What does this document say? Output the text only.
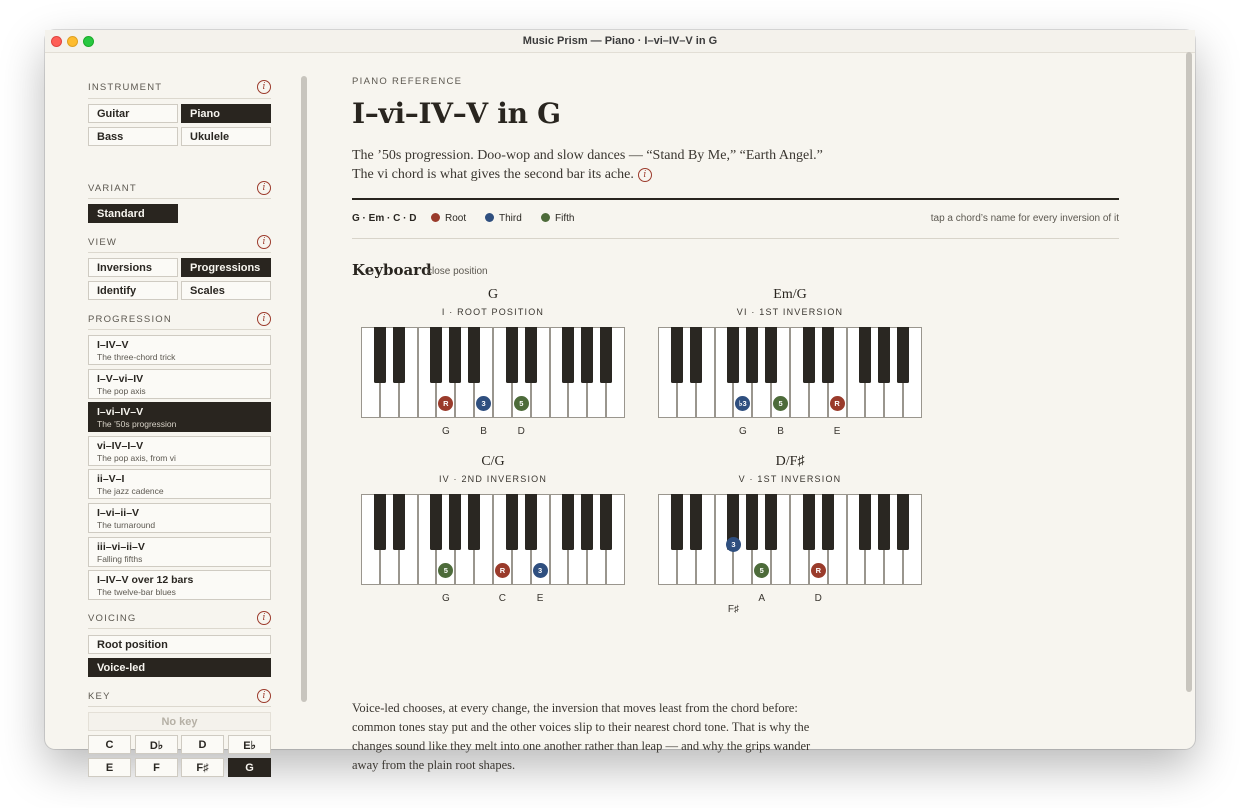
Music Prism — Piano · I–vi–IV–V in G
INSTRUMENT	i
Guitar	Piano
Bass	Ukulele
VARIANT	i
Standard
VIEW	i
Inversions	Progressions
Identify	Scales
PROGRESSION	i
I–IV–V
The three-chord trick
I–V–vi–IV
The pop axis
I–vi–IV–V
The ’50s progression
vi–IV–I–V
The pop axis, from vi
ii–V–I
The jazz cadence
I–vi–ii–V
The turnaround
iii–vi–ii–V
Falling fifths
I–IV–V over 12 bars
The twelve-bar blues
VOICING	i
Root position
Voice-led
KEY	i
No key
C	D♭	D	E♭
E	F	F♯	G
PIANO REFERENCE
I–vi–IV–V in G
The ’50s progression. Doo-wop and slow dances — “Stand By Me,” “Earth Angel.”
The vi chord is what gives the second bar its ache. i
G · Em · C · D	Root	Third	Fifth	tap a chord’s name for every inversion of it
Keyboard
close position
G
I · ROOT POSITION
R	3	5
G	B	D
Em/G
VI · 1ST INVERSION
♭3	5	R
G	B	E
C/G
IV · 2ND INVERSION
5	R	3
G	C	E
D/F♯
V · 1ST INVERSION
3
5	R
F♯
A	D
Voice-led chooses, at every change, the inversion that moves least from the chord before: common tones stay put and the other voices slip to their nearest chord tone. That is why the changes sound like they melt into one another rather than leap — and why the grips wander away from the plain root shapes.
